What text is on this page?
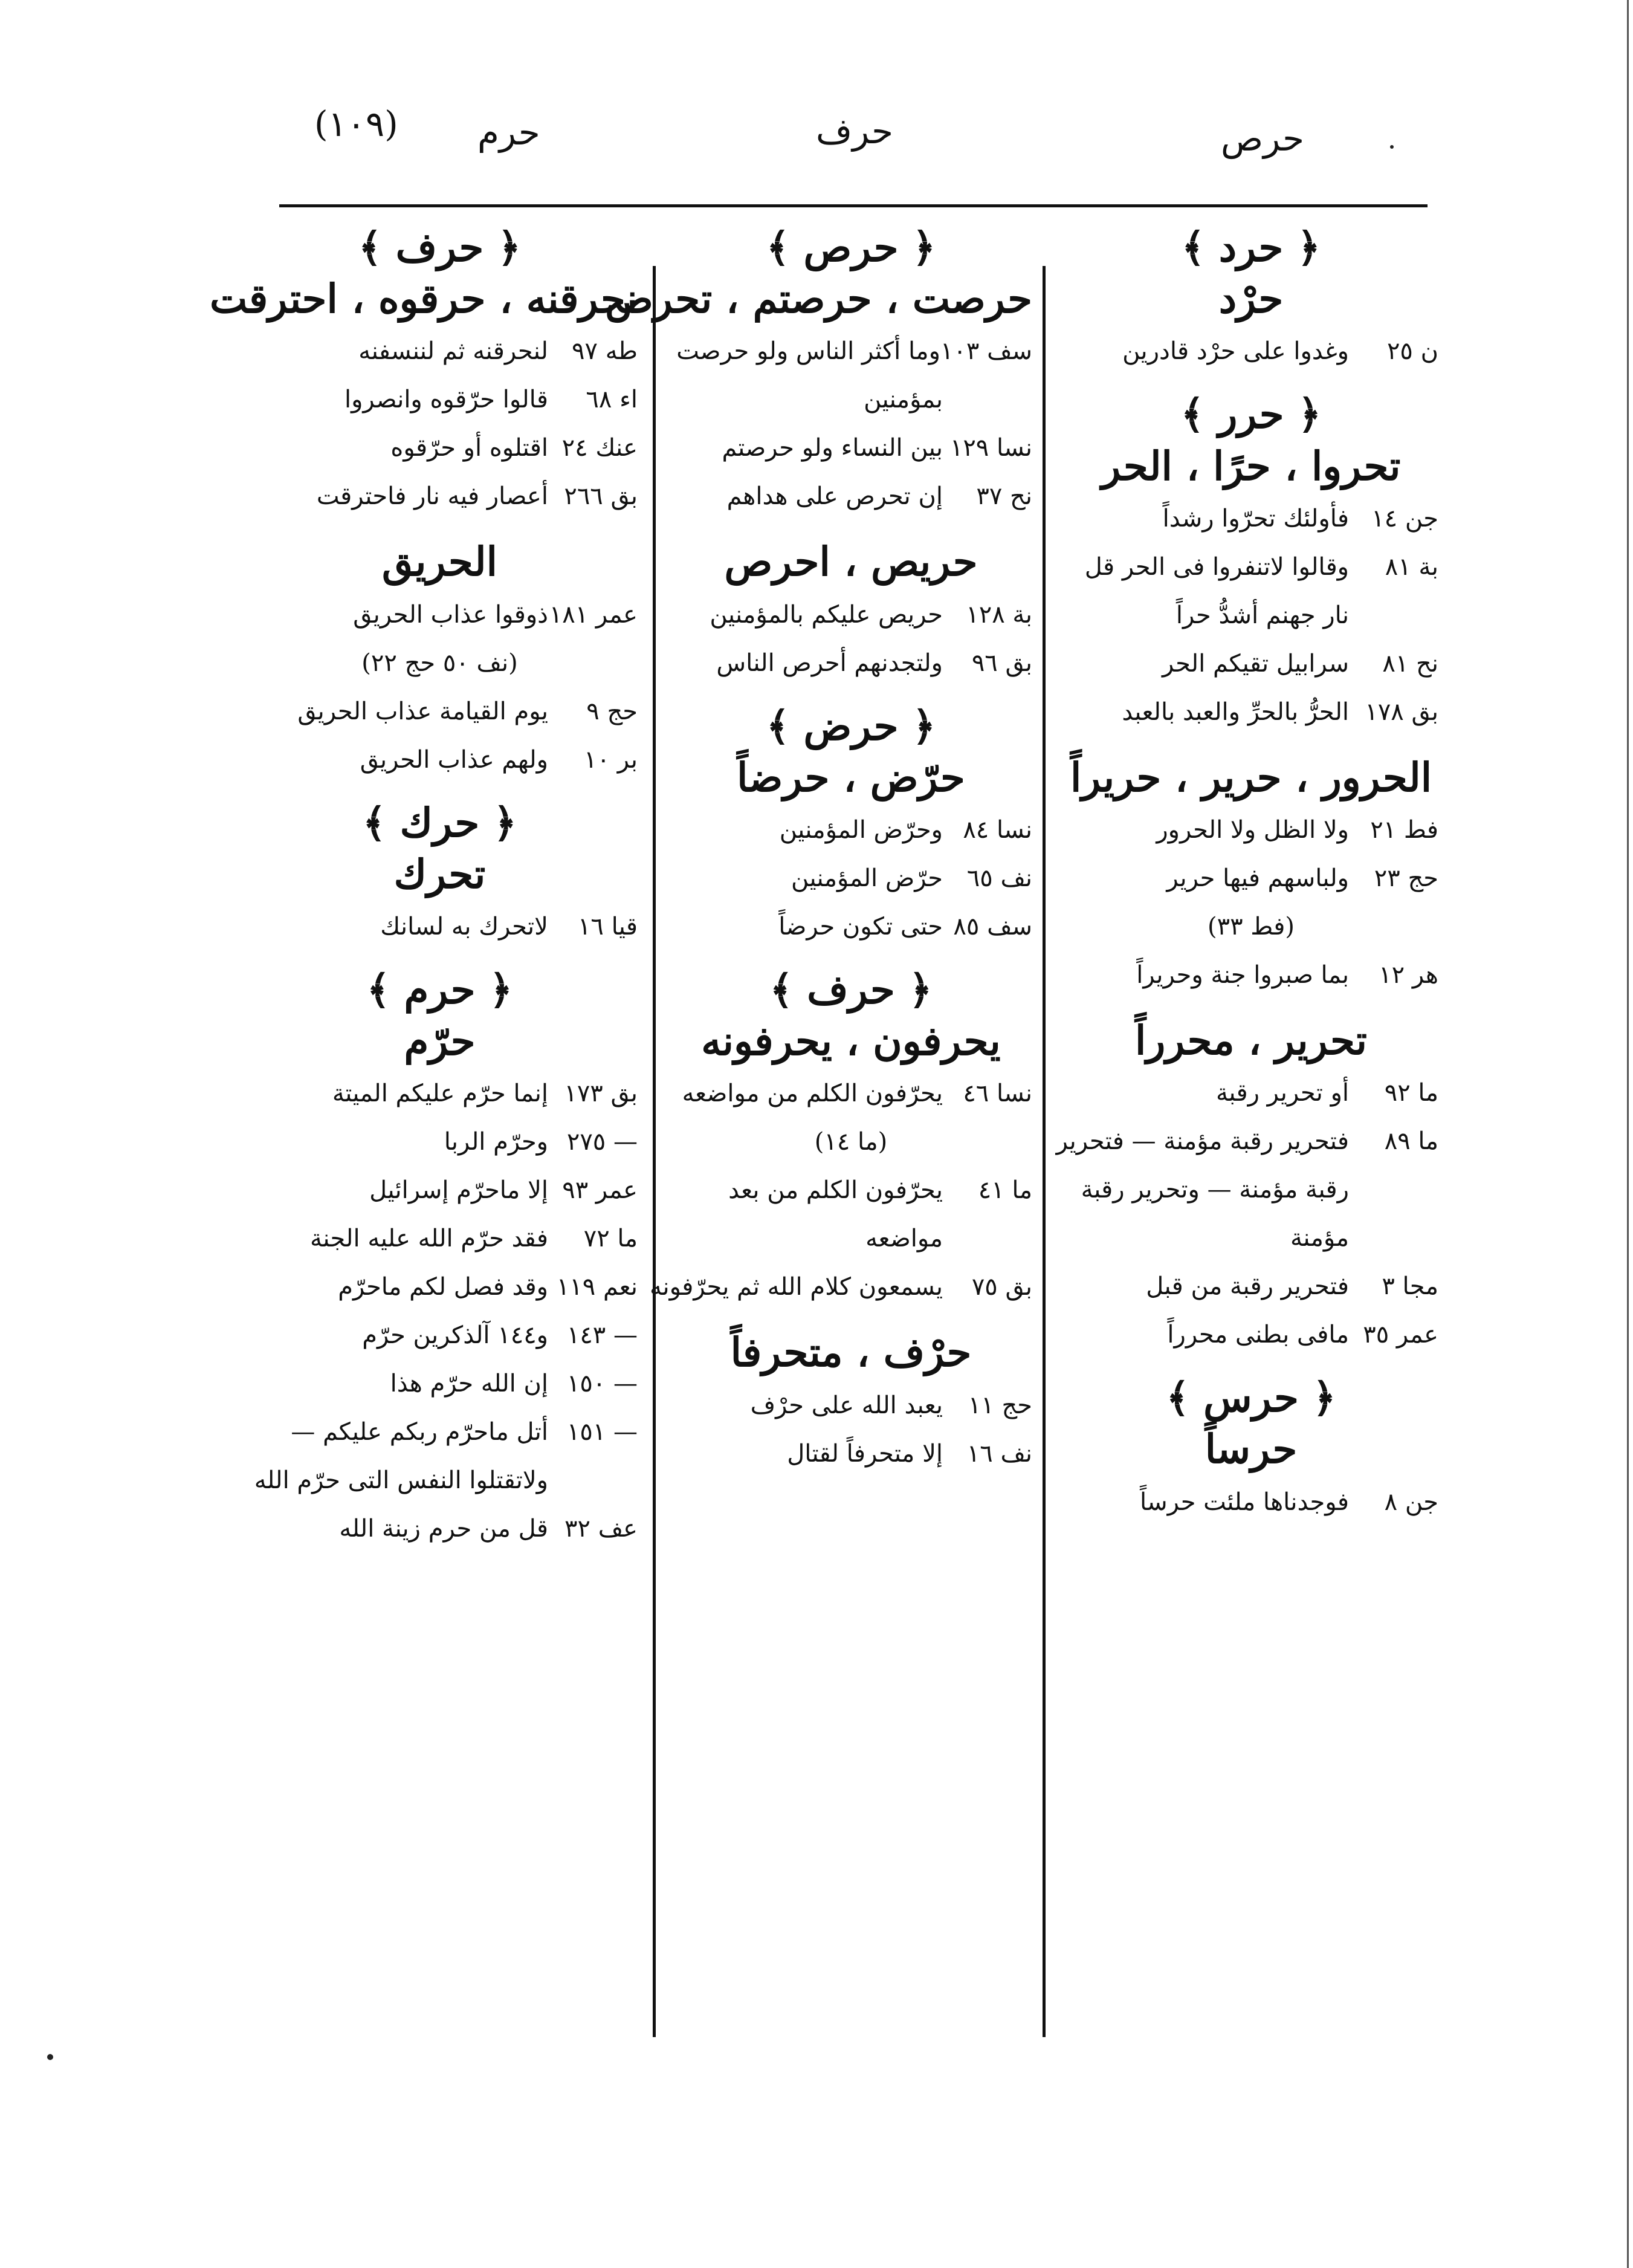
حرص
حرف
حرم
(١٠٩)
﴿ حرد ﴾
حرْد
ن ٢٥
وغدوا على حرْد قادرين
﴿ حرر ﴾
تحروا ، حرًا ، الحر
جن ١٤
فأولئك تحرّوا رشداً
بة ٨١
وقالوا لاتنفروا فى الحر قل
نار جهنم أشدُّ حراً
نح ٨١
سرابيل تقيكم الحر
بق ١٧٨
الحرُّ بالحرِّ والعبد بالعبد
الحرور ، حرير ، حريراً
فط ٢١
ولا الظل ولا الحرور
حج ٢٣
ولباسهم فيها حرير
(فط ٣٣)
هر ١٢
بما صبروا جنة وحريراً
تحرير ، محرراً
ما ٩٢
أو تحرير رقبة
ما ٨٩
فتحرير رقبة مؤمنة — فتحرير
رقبة مؤمنة — وتحرير رقبة
مؤمنة
مجا ٣
فتحرير رقبة من قبل
عمر ٣٥
مافى بطنى محرراً
﴿ حرس ﴾
حرساً
جن ٨
فوجدناها ملئت حرساً
﴿ حرص ﴾
حرصت ، حرصتم ، تحرص
سف ١٠٣
وما أكثر الناس ولو حرصت
بمؤمنين
نسا ١٢٩
بين النساء ولو حرصتم
نح ٣٧
إن تحرص على هداهم
حريص ، احرص
بة ١٢٨
حريص عليكم بالمؤمنين
بق ٩٦
ولتجدنهم أحرص الناس
﴿ حرض ﴾
حرّض ، حرضاً
نسا ٨٤
وحرّض المؤمنين
نف ٦٥
حرّض المؤمنين
سف ٨٥
حتى تكون حرضاً
﴿ حرف ﴾
يحرفون ، يحرفونه
نسا ٤٦
يحرّفون الكلم من مواضعه
(ما ١٤)
ما ٤١
يحرّفون الكلم من بعد
مواضعه
بق ٧٥
يسمعون كلام الله ثم يحرّفونه
حرْف ، متحرفاً
حج ١١
يعبد الله على حرْف
نف ١٦
إلا متحرفاً لقتال
﴿ حرف ﴾
نحرقنه ، حرقوه ، احترقت
طه ٩٧
لنحرقنه ثم لننسفنه
اء ٦٨
قالوا حرّقوه وانصروا
عنك ٢٤
اقتلوه أو حرّقوه
بق ٢٦٦
أعصار فيه نار فاحترقت
الحريق
عمر ١٨١
ذوقوا عذاب الحريق
(نف ٥٠ حج ٢٢)
حج ٩
يوم القيامة عذاب الحريق
بر ١٠
ولهم عذاب الحريق
﴿ حرك ﴾
تحرك
قيا ١٦
لاتحرك به لسانك
﴿ حرم ﴾
حرّم
بق ١٧٣
إنما حرّم عليكم الميتة
— ٢٧٥
وحرّم الربا
عمر ٩٣
إلا ماحرّم إسرائيل
ما ٧٢
فقد حرّم الله عليه الجنة
نعم ١١٩
وقد فصل لكم ماحرّم
— ١٤٣
و١٤٤ آلذكرين حرّم
— ١٥٠
إن الله حرّم هذا
— ١٥١
أتل ماحرّم ربكم عليكم —
ولاتقتلوا النفس التى حرّم الله
عف ٣٢
قل من حرم زينة الله
